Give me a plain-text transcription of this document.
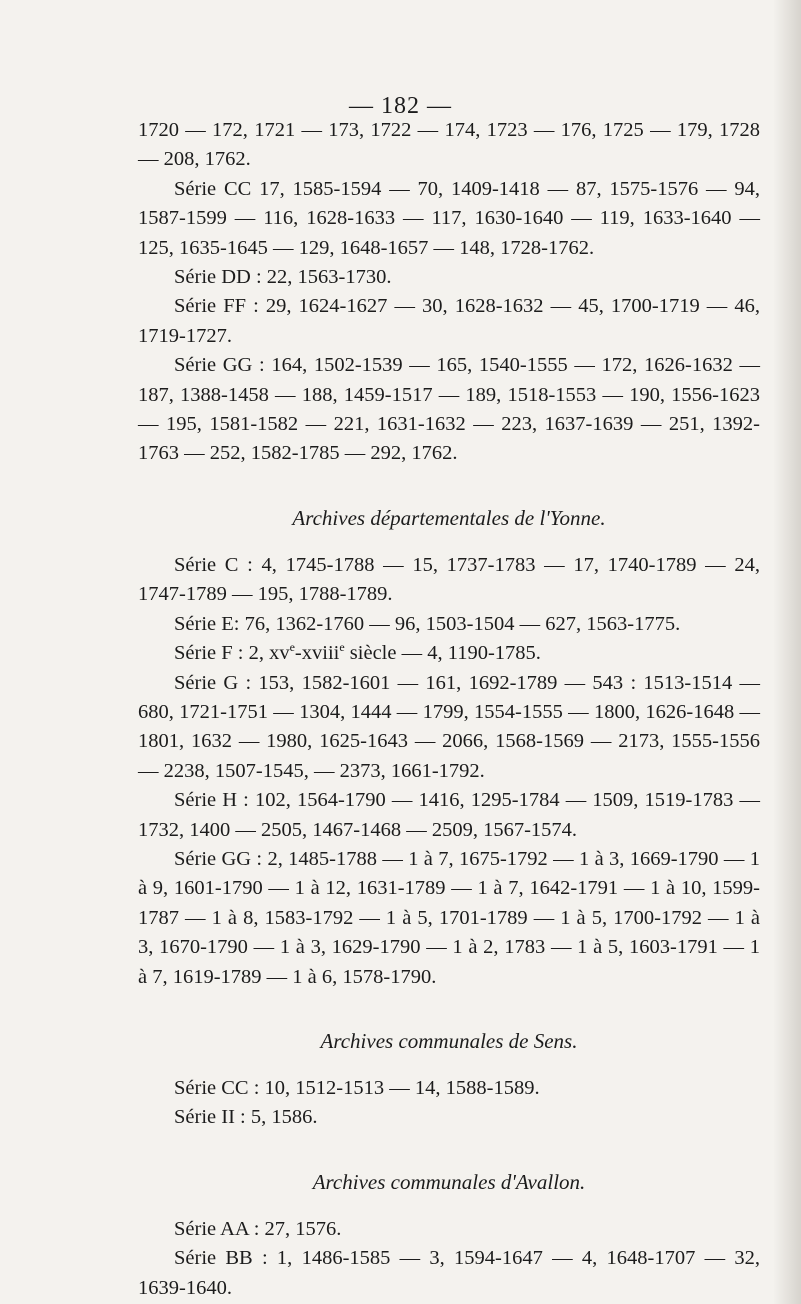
— 182 —

1720 — 172, 1721 — 173, 1722 — 174, 1723 — 176, 1725 — 179, 1728 — 208, 1762.

Série CC 17, 1585-1594 — 70, 1409-1418 — 87, 1575-1576 — 94, 1587-1599 — 116, 1628-1633 — 117, 1630-1640 — 119, 1633-1640 — 125, 1635-1645 — 129, 1648-1657 — 148, 1728-1762.

Série DD : 22, 1563-1730.

Série FF : 29, 1624-1627 — 30, 1628-1632 — 45, 1700-1719 — 46, 1719-1727.

Série GG : 164, 1502-1539 — 165, 1540-1555 — 172, 1626-1632 — 187, 1388-1458 — 188, 1459-1517 — 189, 1518-1553 — 190, 1556-1623 — 195, 1581-1582 — 221, 1631-1632 — 223, 1637-1639 — 251, 1392-1763 — 252, 1582-1785 — 292, 1762.

Archives départementales de l'Yonne.

Série C : 4, 1745-1788 — 15, 1737-1783 — 17, 1740-1789 — 24, 1747-1789 — 195, 1788-1789.

Série E: 76, 1362-1760 — 96, 1503-1504 — 627, 1563-1775.

Série F : 2, $xv^e-xviii^e$ siècle — 4, 1190-1785.

Série G : 153, 1582-1601 — 161, 1692-1789 — 543 : 1513-1514 — 680, 1721-1751 — 1304, 1444 — 1799, 1554-1555 — 1800, 1626-1648 — 1801, 1632 — 1980, 1625-1643 — 2066, 1568-1569 — 2173, 1555-1556 — 2238, 1507-1545, — 2373, 1661-1792.

Série H : 102, 1564-1790 — 1416, 1295-1784 — 1509, 1519-1783 — 1732, 1400 — 2505, 1467-1468 — 2509, 1567-1574.

Série GG : 2, 1485-1788 — 1 à 7, 1675-1792 — 1 à 3, 1669-1790 — 1 à 9, 1601-1790 — 1 à 12, 1631-1789 — 1 à 7, 1642-1791 — 1 à 10, 1599-1787 — 1 à 8, 1583-1792 — 1 à 5, 1701-1789 — 1 à 5, 1700-1792 — 1 à 3, 1670-1790 — 1 à 3, 1629-1790 — 1 à 2, 1783 — 1 à 5, 1603-1791 — 1 à 7, 1619-1789 — 1 à 6, 1578-1790.

Archives communales de Sens.

Série CC : 10, 1512-1513 — 14, 1588-1589.

Série II : 5, 1586.

Archives communales d'Avallon.

Série AA : 27, 1576.

Série BB : 1, 1486-1585 — 3, 1594-1647 — 4, 1648-1707 — 32, 1639-1640.
